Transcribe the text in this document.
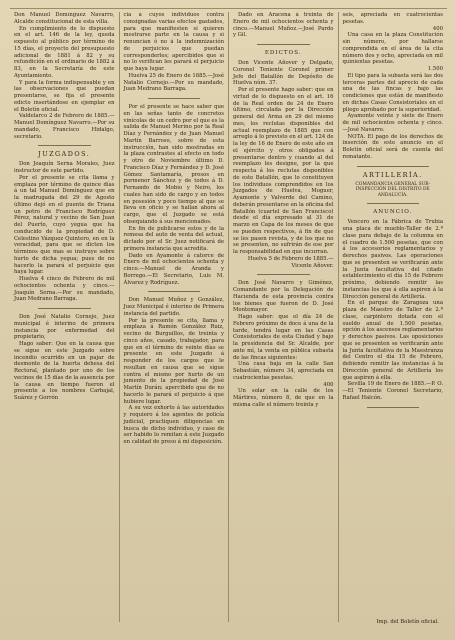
Don Manuel Domínguez Navarro, Alcalde constitucional de esta villa.

En cumplimiento de lo dispuesto en el art. 146 de la ley, queda expuesto al público por término de 15 días, el proyecto del presupuesto adicional de 1881 á 82 y su refundición en el ordinario de 1882 á 83, en la Secretaría de este Ayuntamiento.

Y para la forma indispensable y en las observaciones que puedan presentarse, se fija el presente edicto insertándose en ejemplar en el Boletín oficial.

Valdelarco 2 de Febrero de 1885.—Manuel Domínguez Navarro.—Por su mandado, Francisco Hidalgo, secretario.

JUZGADOS.

Don Joaquín Serna Morales, Juez instructor de este partido.

Por el presente se cita llama y emplaza por término de quince días á un tal Manuel Domínguez que en la madrugada del 29 de Agosto último dejó en el puente de Triana un potro de Francisco Rodríguez Pérez, natural y vecino de San Juan del Puerto, cuyo yegua que ha conducido de la propiedad de D. Celestino Vázquez Quintero, en en la veracidad, para que se dicten los términos que mas se instruye sobre hurto de dicha yegua; pues de no hacerlo la parará el perjuicio que haya lugar.

Huelva 4 cinco de Febrero de mil ochocientos ochenta y cinco.—Joaquín Serna.—Por su mandado, Juan Medrano Barraga.

Don José Natalio Cornejo, Juez municipal é interino de primera instancia por enfermedad del propietario,

Hago saber: Que en la causa que se sigue en este Juzgado sobre incendio ocurrido en un pajar de desmonte de la huerta dehesa del Rectoral, plantado por uno de los vecinos de 15 días de la ausencia por la causa en tiempo fueron el presente a los nombres Carbajal, Suárez y Gorrón

cia á cuyos individuos contra consignadas varias efectos gastados, para que manifiesten si quieren mostrarse parte en la causa y si renuncian ó no á la indemnización de perjuicios que puedan corresponderles; apercibidos que si no lo verifican les parará el perjuicio que haya lugar.

Huelva 25 de Enero de 1885.—José Natalio Cornejo.—Por su mandado, Juan Medrano Barraga.

Por el presente se hace saber que en las señas tanto de concretos vinícolas de un cedro por el que es la salida de Manuel Merino por la Real Díaz y Fernández y de Juan Manuel Martín Barroso, sobre de esta instrucción, han sido mostradas en la plaza contrastes al efecto en todo y otro de Noviembre último D. Francisco Díaz y Fernández y D. José Gómez Santamaría, presos en pormenor Sánchez y de todos á D. Fernando de Mobio y Neiro, los cuales han sido de cargo y en todos en posesión y poco tiempo al que se lleva en oficio y se hallan ahora al cargo, que el Juzgado se está obsequiando á sus mencionados.

En fin de publicarse estos y de la remesa del auto de venta del actual, dictado por el Sr. Juez notificará de primera instancia que acredita.

Dado en Ayamonte á catorce de Enero de mil ochocientos ochenta y cinco.—Manuel de Aranda y Borrego.—El Secretario, Luis M. Álvarez y Rodríguez.

Don Manuel Muñoz y González, Juez Municipal é interino de Primera instancia del partido.

Por la presente se cita, llama y emplaza á Ramón González Ruiz, vecino de Burguillos, de treinta y cinco años, casado, trabajador, para que en el término de veinte días se presente en este Juzgado á responder de los cargos que le resultan en causa que se sigue contra el mismo por hurto de un jumento de la propiedad de José Martín Durán; apercibido que de no hacerlo le parará el perjuicio á que hubiere lugar.

A su vez exhorto á las autoridades y requiero á los agentes de policía judicial, practiquen diligencias en busca de dicho individuo, y caso de ser habido lo remitan á este Juzgado en calidad de preso á mi disposición.

Dado en Aracena á treinta de Enero de mil ochocientos ochenta y cinco.—Manuel Muñoz.—José Pardo y Gil.

EDICTOS.

Don Vicente Añover y Delgado, Coronel Teniente Coronel primer Jefe del Batallón de Depósito de Huelva núm. 37.

Por el presente hago saber: que en virtud de lo dispuesto en el art. 16 de la Real orden de 24 de Enero último, circulada por la Dirección general del Arma en 29 del mismo mes, los reclutas disponibles del actual reemplazo de 1885 que con arreglo á lo previsto en el art. 124 de la ley de 16 de Enero de este año en el ejército y otros obligados á presentarse dentro y cuando al del reemplazo les designe, por la que respecta á los reclutas disponibles de este Batallón, que lo constituyen los individuos comprendidos en los Juzgados de Huelva, Moguer, Ayamonte y Valverde del Camino, deberán presentarse en la oficina del Batallón (cuartel de San Francisco) desde el día expresado al 31 de marzo en Capa de los meses de que se pueden respectivos, á fin de que se les pasen revista, y de los que no se presenten, no sufrirán de ese por la responsabilidad en que incurran.

Huelva 5 de Febrero de 1885.—Vicente Añover.

Don José Navarro y Giménez, Comandante por la Delegación de Hacienda de esta provincia contra los bienes que fueron de D. José Montemayor.

Hago saber: que el día 24 de Febrero próximo de doce á una de la tarde, tendrá lugar en las Casas Consistoriales de esta Ciudad y bajo la presidencia del Sr. Alcalde, por ante mí, la venta en pública subasta de las fincas siguientes:

Una casa baja en la calle San Sebastián, número 34, apreciada en cuatrocientas pesetas.

400

Un solar en la calle de los Mártires, número 8, de que en la misma calle el número treinta y

seis, apreciada en cuatrocientas pesetas.

400

Una casa en la plaza Constitución sin número, por hallarse comprendida en el área de la cita número dos y ocho, apreciada en mil quinientas pesetas.

1.500

El tipo para la subasta será las dos terceras partes del aprecio de cada una de las fincas y bajo las condiciones que están de manifiesto en dichas Casas Consistoriales en el pliego aprobado por la superioridad.

Ayamonte veinte y siete de Enero de mil ochocientos ochenta y cinco.—José Navarro.

NOTA. El pago de los derechos de inserción de este anuncio en el Boletín oficial será de cuenta del rematante.

ARTILLERÍA.
COMANDANCIA GENERAL SUB-INSPECCIÓN DEL DISTRITO DE ANDALUCÍA.
ANUNCIO.

Vencero en la Fábrica de Trubia una placa de mueblo-Taller de 2.ª clase para debajo de la columna en el cuadro de 1.500 pesetas, que con á los accesorios reglamentarios y derechos pasivos. Las operaciones que se presenten se verificarán ante la Junta facultativa del citado establecimiento el día 15 de Febrero próximo, debiendo remitir las instancias los que á ella aspiren á la Dirección general de Artillería.

En el parque de Zaragoza una plaza de Maestro de Taller de 2.ª clase, carpintero dotada con el sueldo anual de 1.500 pesetas, opción á los ascensos reglamentarios y derechos pasivos. Las oposiciones que se presenten se verificarán ante la Junta facultativa de la Maestranza del Centro el día 15 de Febrero, debiendo remitir las instancias á la Dirección general de Artillería los que aspiren á ella.

Sevilla 19 de Enero de 1885.—P. O.—El Teniente Coronel Secretario, Rafael Halcón.

Imp. del Boletín oficial.
